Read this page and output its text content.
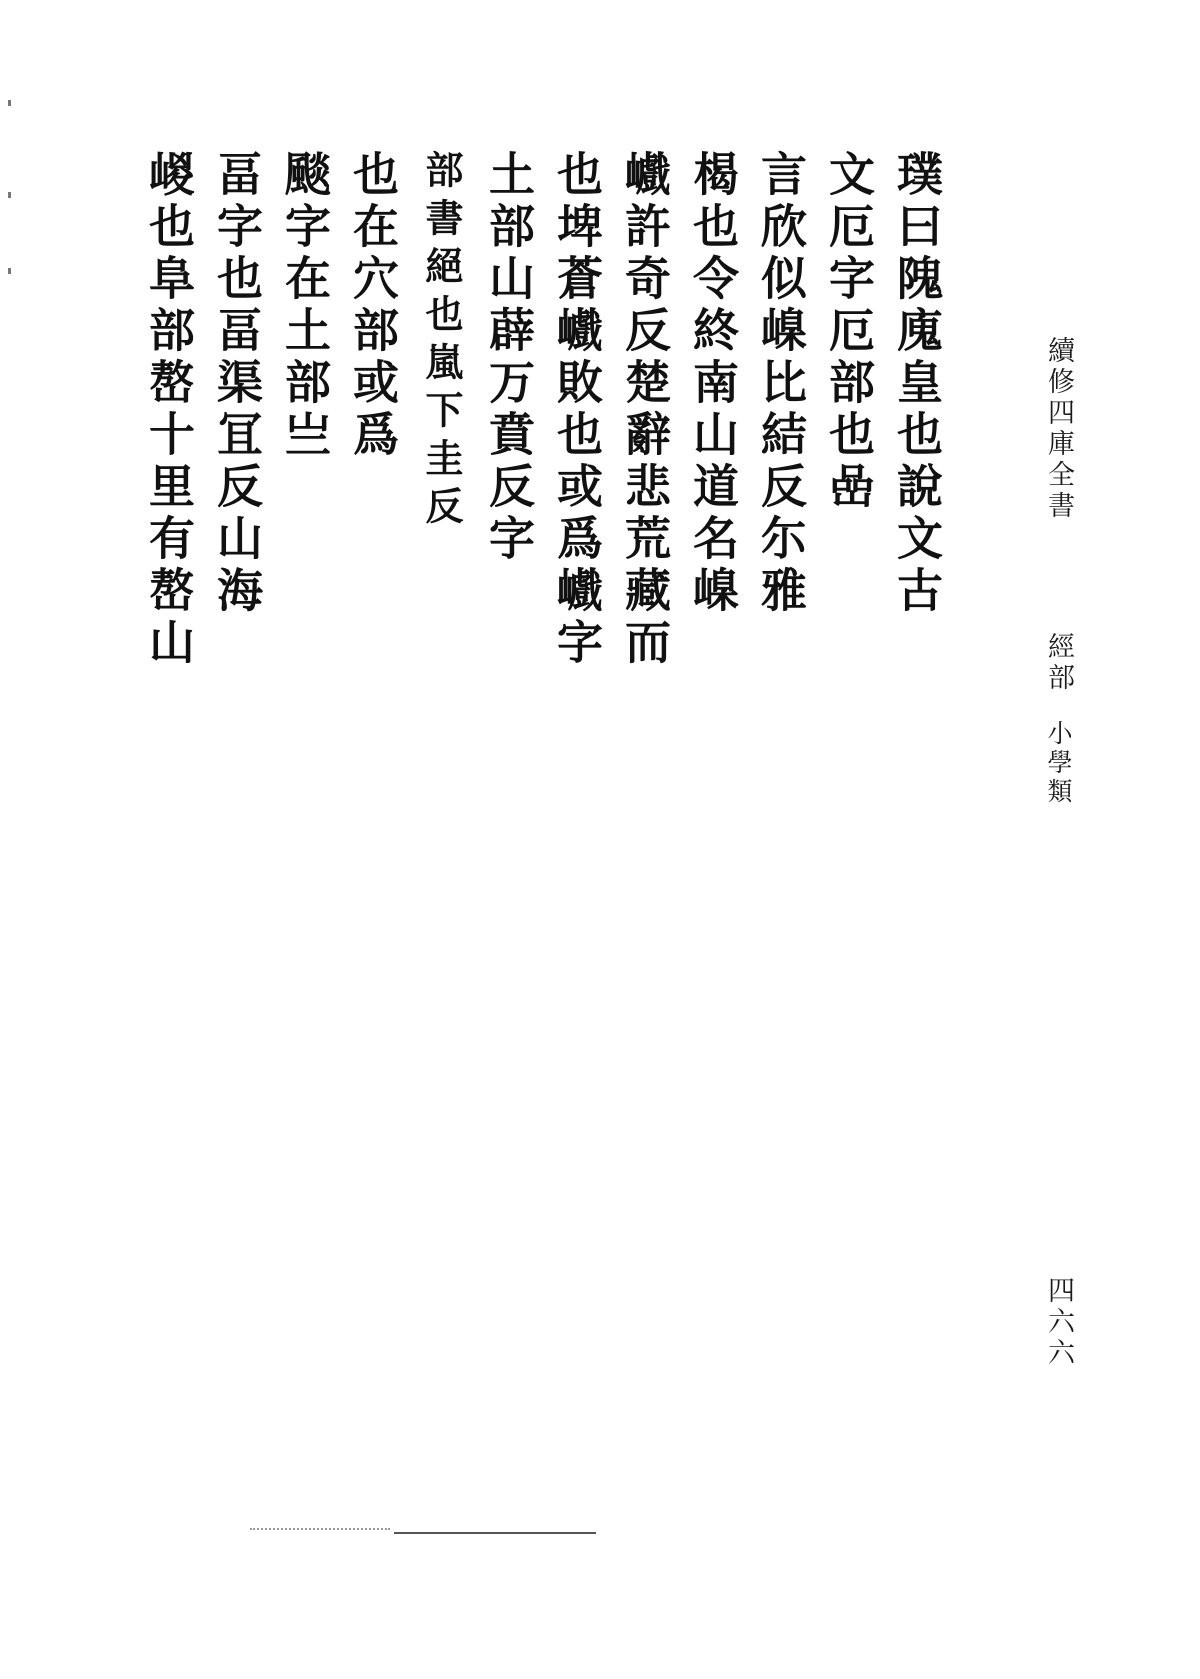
續修四庫全書
經部
小學類
四六六
璞曰隗廆皇也說文古
文厄字厄部也嵒
言欣似嵲比結反尓雅
楬也令終南山道名嵲
巇許奇反楚辭悲荒藏而
也埤蒼巇敗也或爲巇字
土部山薜万賁反字
部書絕也嵐下圭反
也在穴部或爲
颷字在土部亗
畐字也畐渠冝反山海
嵕也阜部嶅十里有嶅山
